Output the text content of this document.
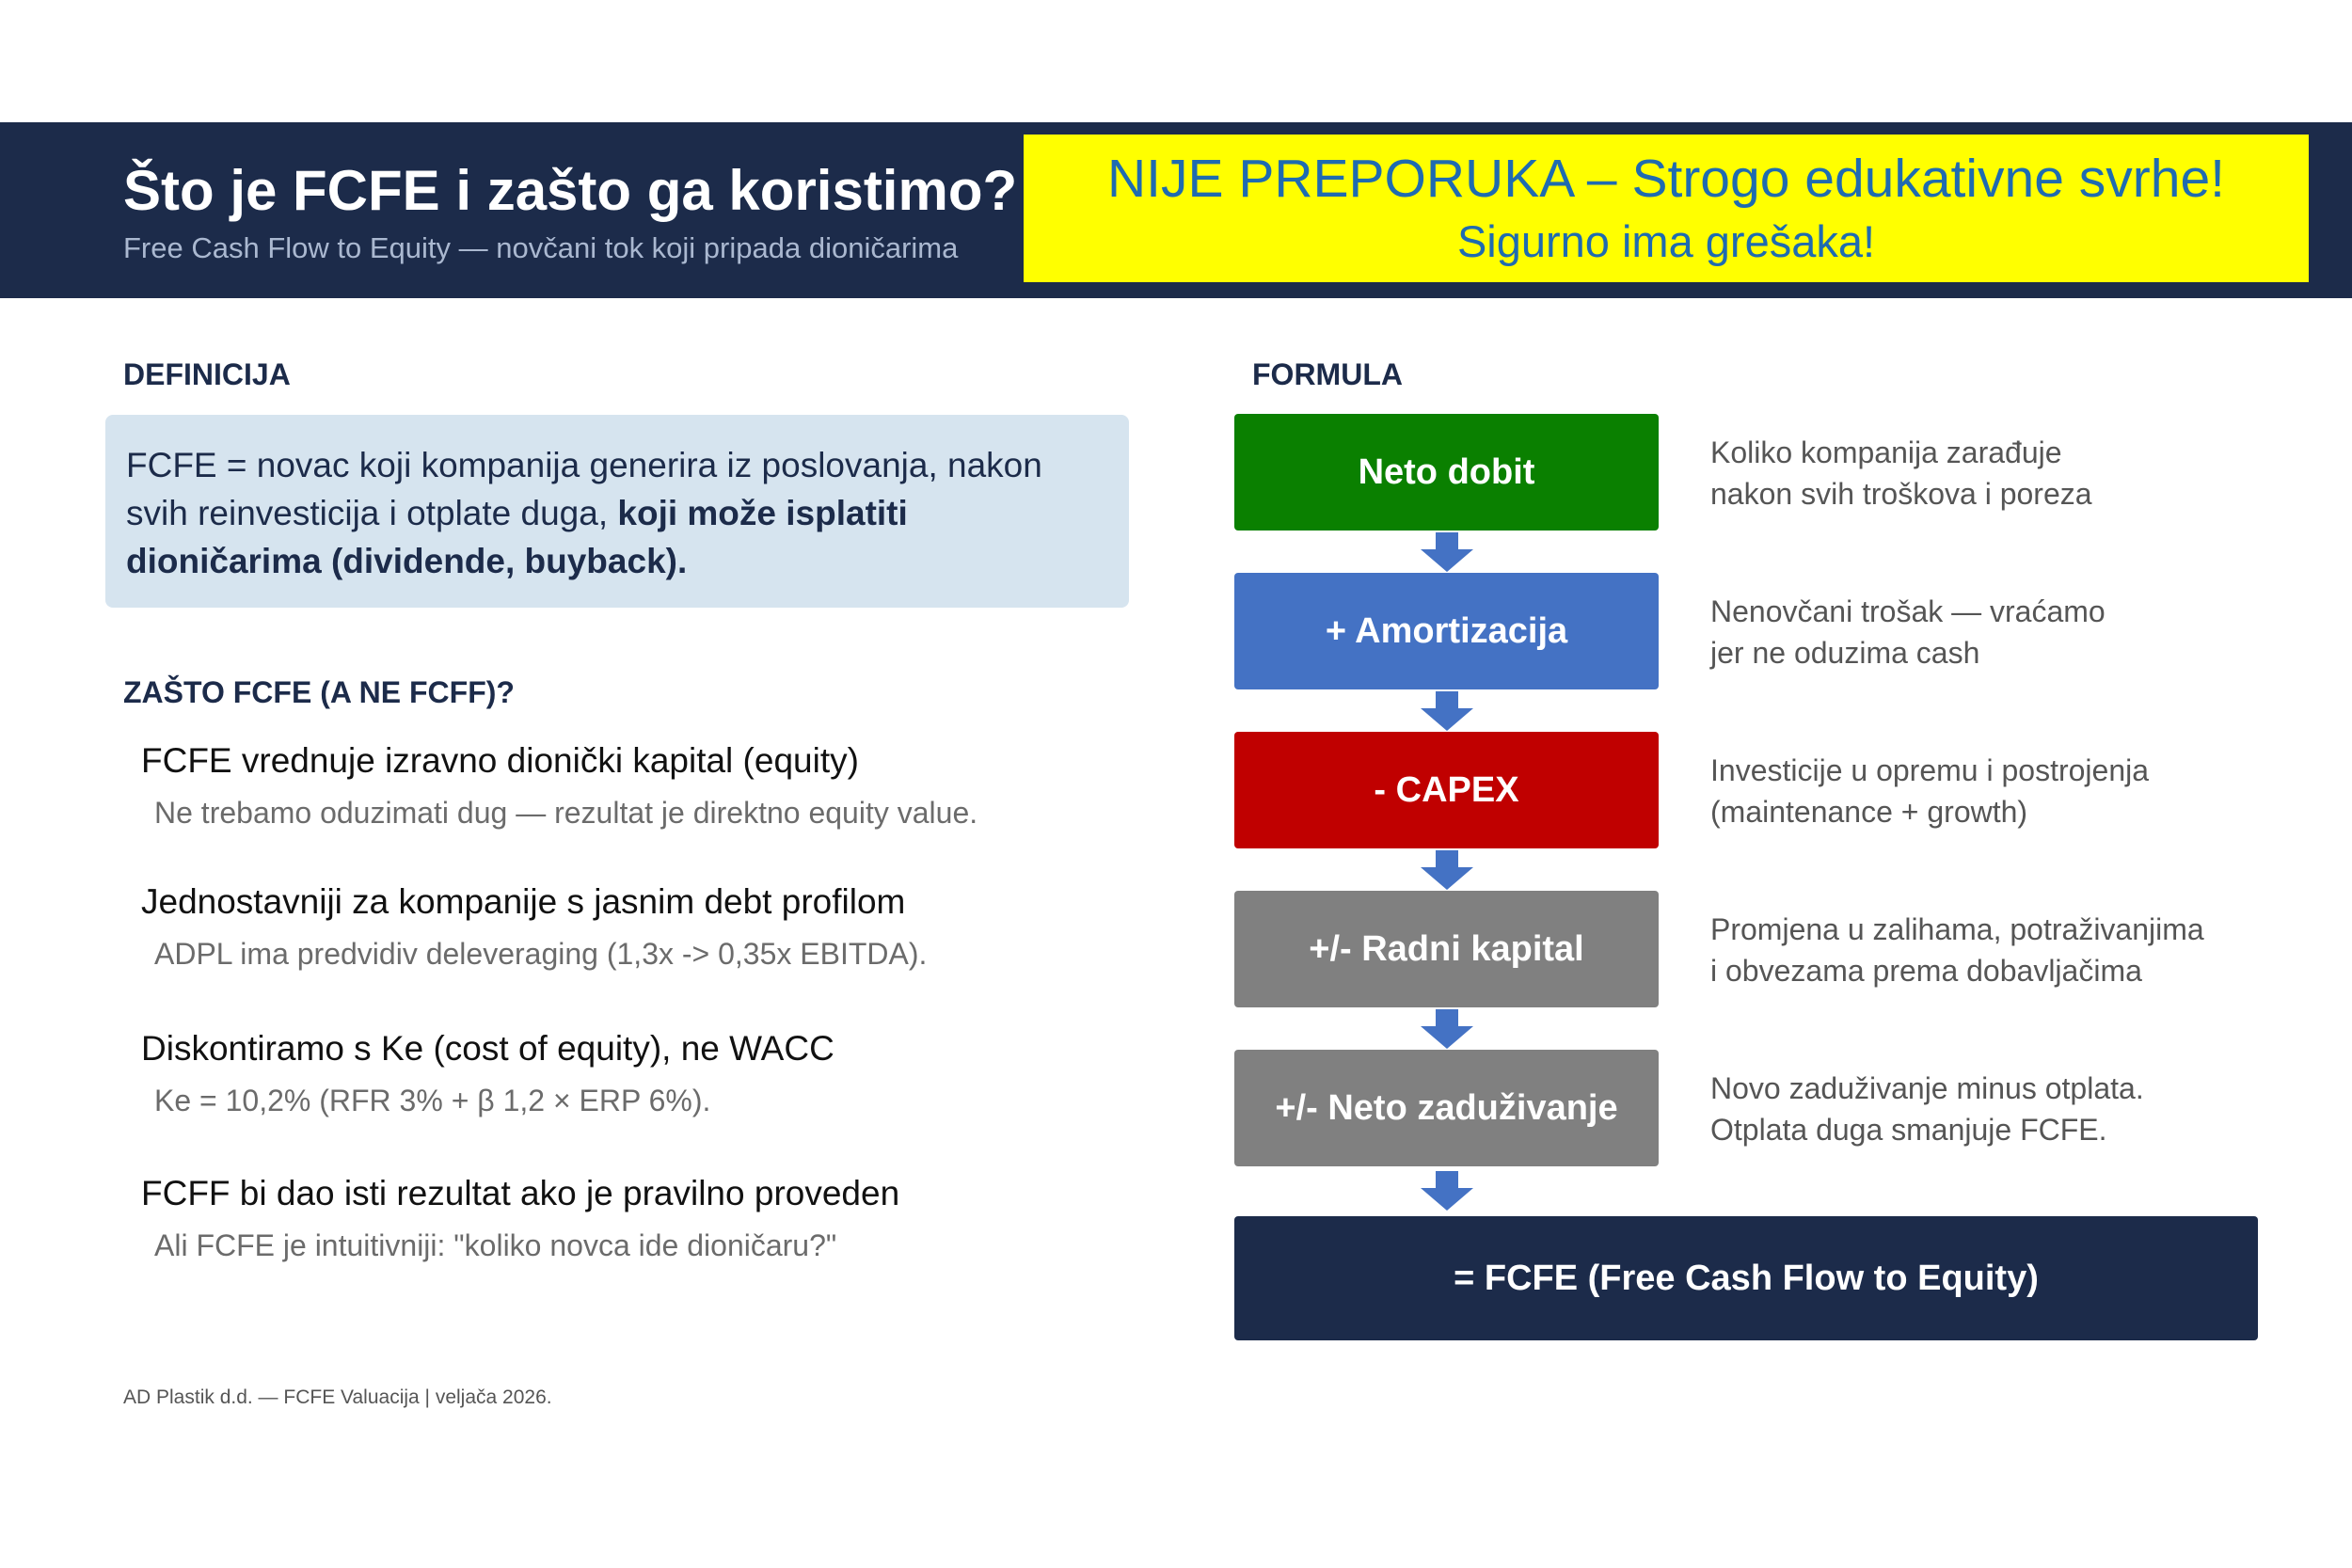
Što je FCFE i zašto ga koristimo?
Free Cash Flow to Equity — novčani tok koji pripada dioničarima
NIJE PREPORUKA – Strogo edukativne svrhe!
Sigurno ima grešaka!
DEFINICIJA
FCFE = novac koji kompanija generira iz poslovanja, nakon svih reinvesticija i otplate duga, koji može isplatiti dioničarima (dividende, buyback).
ZAŠTO FCFE (A NE FCFF)?
FCFE vrednuje izravno dionički kapital (equity)
Ne trebamo oduzimati dug — rezultat je direktno equity value.
Jednostavniji za kompanije s jasnim debt profilom
ADPL ima predvidiv deleveraging (1,3x -> 0,35x EBITDA).
Diskontiramo s Ke (cost of equity), ne WACC
Ke = 10,2% (RFR 3% + β 1,2 × ERP 6%).
FCFF bi dao isti rezultat ako je pravilno proveden
Ali FCFE je intuitivniji: "koliko novca ide dioničaru?"
FORMULA
Neto dobit	Koliko kompanija zarađuje
nakon svih troškova i poreza
+ Amortizacija	Nenovčani trošak — vraćamo
jer ne oduzima cash
- CAPEX	Investicije u opremu i postrojenja
(maintenance + growth)
+/- Radni kapital	Promjena u zalihama, potraživanjima
i obvezama prema dobavljačima
+/- Neto zaduživanje	Novo zaduživanje minus otplata.
Otplata duga smanjuje FCFE.
= FCFE (Free Cash Flow to Equity)
AD Plastik d.d. — FCFE Valuacija | veljača 2026.
